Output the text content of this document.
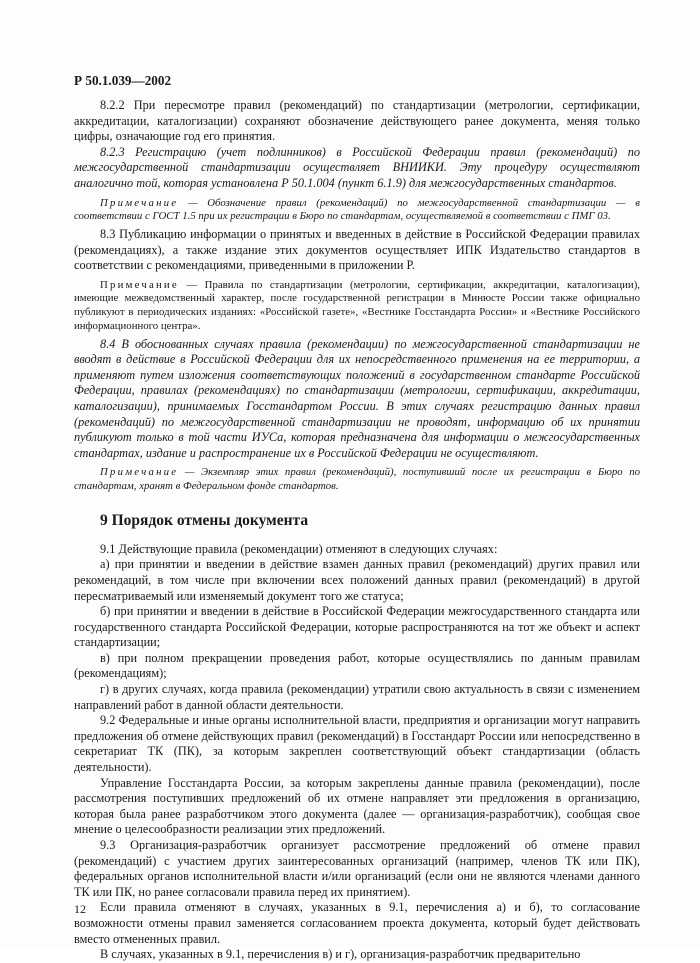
Р 50.1.039—2002

8.2.2 При пересмотре правил (рекомендаций) по стандартизации (метрологии, сертификации, аккредитации, каталогизации) сохраняют обозначение действующего ранее документа, меняя только цифры, означающие год его принятия.

8.2.3 Регистрацию (учет подлинников) в Российской Федерации правил (рекомендаций) по межгосударственной стандартизации осуществляет ВНИИКИ. Эту процедуру осуществляют аналогично той, которая установлена Р 50.1.004 (пункт 6.1.9) для межгосударственных стандартов.

Примечание — Обозначение правил (рекомендаций) по межгосударственной стандартизации — в соответствии с ГОСТ 1.5 при их регистрации в Бюро по стандартам, осуществляемой в соответствии с ПМГ 03.

8.3 Публикацию информации о принятых и введенных в действие в Российской Федерации правилах (рекомендациях), а также издание этих документов осуществляет ИПК Издательство стандартов в соответствии с рекомендациями, приведенными в приложении Р.

Примечание — Правила по стандартизации (метрологии, сертификации, аккредитации, каталогизации), имеющие межведомственный характер, после государственной регистрации в Минюсте России также официально публикуют в периодических изданиях: «Российской газете», «Вестнике Госстандарта России» и «Вестнике Российского информационного центра».

8.4 В обоснованных случаях правила (рекомендации) по межгосударственной стандартизации не вводят в действие в Российской Федерации для их непосредственного применения на ее территории, а применяют путем изложения соответствующих положений в государственном стандарте Российской Федерации, правилах (рекомендациях) по стандартизации (метрологии, сертификации, аккредитации, каталогизации), принимаемых Госстандартом России. В этих случаях регистрацию данных правил (рекомендаций) по межгосударственной стандартизации не проводят, информацию об их принятии публикуют только в той части ИУСа, которая предназначена для информации о межгосударственных стандартах, издание и распространение их в Российской Федерации не осуществляют.

Примечание — Экземпляр этих правил (рекомендаций), поступивший после их регистрации в Бюро по стандартам, хранят в Федеральном фонде стандартов.

9 Порядок отмены документа

9.1 Действующие правила (рекомендации) отменяют в следующих случаях:

а) при принятии и введении в действие взамен данных правил (рекомендаций) других правил или рекомендаций, в том числе при включении всех положений данных правил (рекомендаций) в другой пересматриваемый или изменяемый документ того же статуса;

б) при принятии и введении в действие в Российской Федерации межгосударственного стандарта или государственного стандарта Российской Федерации, которые распространяются на тот же объект и аспект стандартизации;

в) при полном прекращении проведения работ, которые осуществлялись по данным правилам (рекомендациям);

г) в других случаях, когда правила (рекомендации) утратили свою актуальность в связи с изменением направлений работ в данной области деятельности.

9.2 Федеральные и иные органы исполнительной власти, предприятия и организации могут направить предложения об отмене действующих правил (рекомендаций) в Госстандарт России или непосредственно в секретариат ТК (ПК), за которым закреплен соответствующий объект стандартизации (область деятельности).

Управление Госстандарта России, за которым закреплены данные правила (рекомендации), после рассмотрения поступивших предложений об их отмене направляет эти предложения в организацию, которая была ранее разработчиком этого документа (далее — организация-разработчик), сообщая свое мнение о целесообразности реализации этих предложений.

9.3 Организация-разработчик организует рассмотрение предложений об отмене правил (рекомендаций) с участием других заинтересованных организаций (например, членов ТК или ПК), федеральных органов исполнительной власти и/или организаций (если они не являются членами данного ТК или ПК, но ранее согласовали правила перед их принятием).

Если правила отменяют в случаях, указанных в 9.1, перечисления а) и б), то согласование возможности отмены правил заменяется согласованием проекта документа, который будет действовать вместо отмененных правил.

В случаях, указанных в 9.1, перечисления в) и г), организация-разработчик предварительно

12
